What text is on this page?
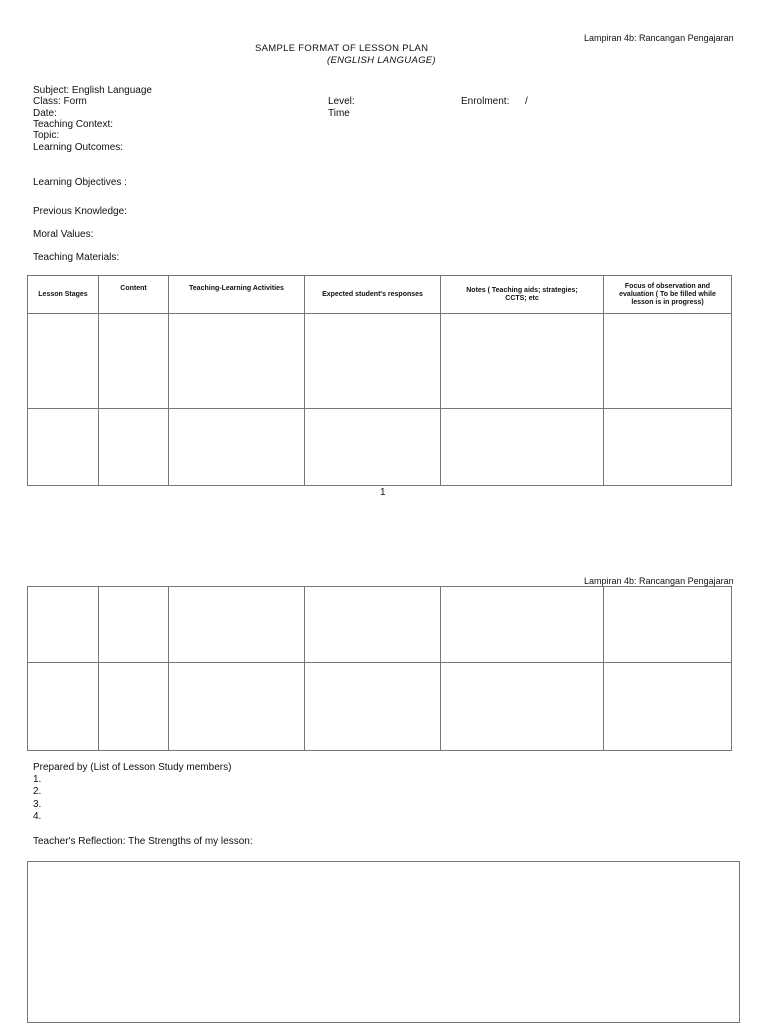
Lampiran 4b: Rancangan Pengajaran
SAMPLE FORMAT OF LESSON PLAN
(ENGLISH LANGUAGE)
Subject: English Language
Class: Form
Date:
Teaching Context:
Topic:
Learning Outcomes:
Level:
Time
Enrolment: /
Learning Objectives :
Previous Knowledge:
Moral Values:
Teaching Materials:
Lesson Stages	Content	Teaching-Learning Activities	Expected student's responses	Notes ( Teaching aids; strategies; CCTS; etc	Focus of observation and evaluation ( To be filled while lesson is in progress)

1
Lampiran 4b: Rancangan Pengajaran

Prepared by (List of Lesson Study members)
1.
2.
3.
4.
Teacher's Reflection: The Strengths of my lesson:
